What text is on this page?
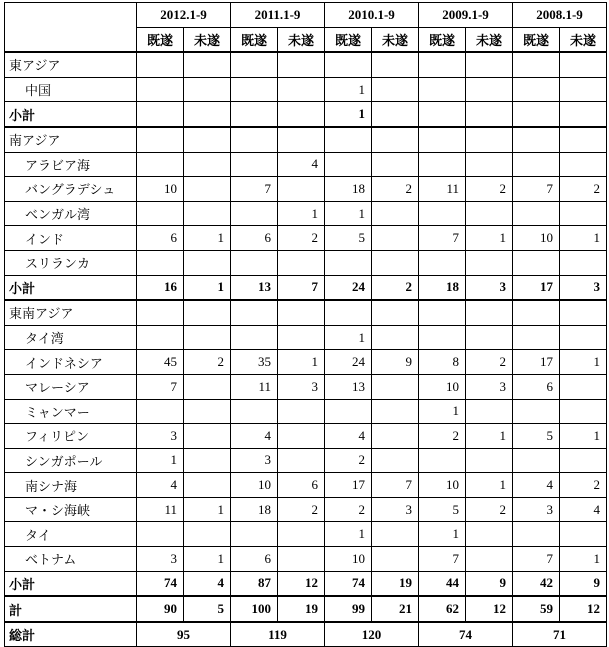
	2012.1-9		2011.1-9		2010.1-9		2009.1-9		2008.1-9	
	既遂	未遂	既遂	未遂	既遂	未遂	既遂	未遂	既遂	未遂
東アジア										
中国					1					
小計					1					
南アジア										
アラビア海				4						
バングラデシュ	10		7		18	2	11	2	7	2
ベンガル湾				1	1					
インド	6	1	6	2	5		7	1	10	1
スリランカ										
小計	16	1	13	7	24	2	18	3	17	3
東南アジア										
タイ湾					1					
インドネシア	45	2	35	1	24	9	8	2	17	1
マレーシア	7		11	3	13		10	3	6	
ミャンマー							1			
フィリピン	3		4		4		2	1	5	1
シンガポール	1		3		2					
南シナ海	4		10	6	17	7	10	1	4	2
マ・シ海峡	11	1	18	2	2	3	5	2	3	4
タイ					1		1			
ベトナム	3	1	6		10		7		7	1
小計	74	4	87	12	74	19	44	9	42	9
計	90	5	100	19	99	21	62	12	59	12
総計	95		119		120		74		71	
